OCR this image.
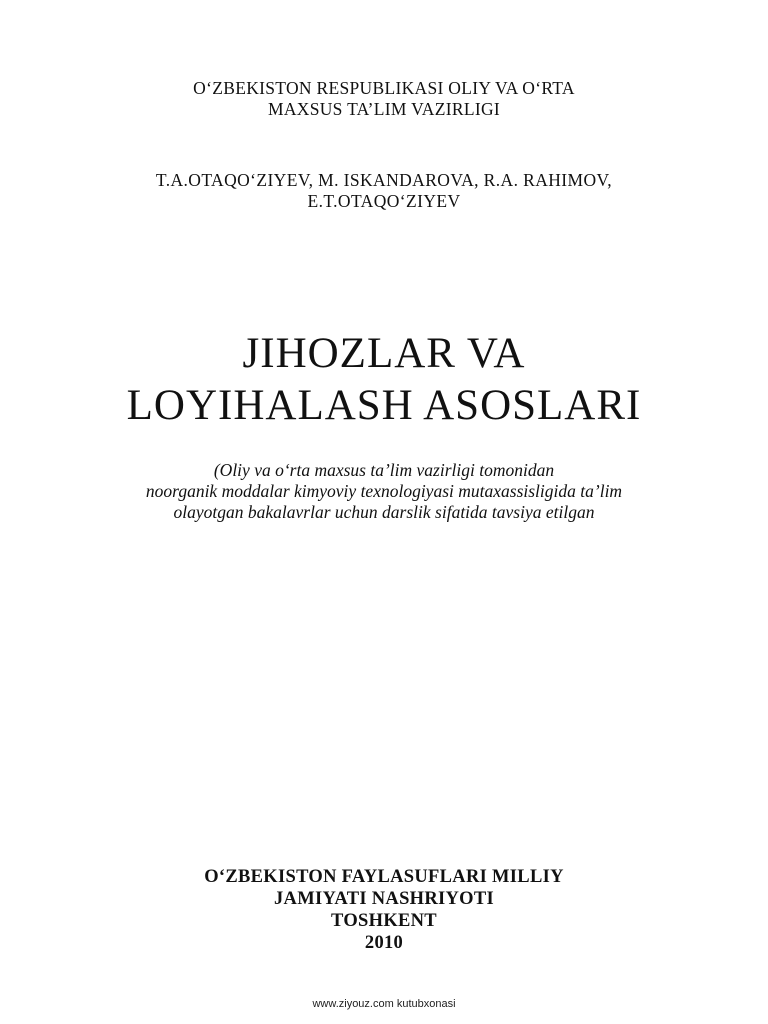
O‘ZBEKISTON RESPUBLIKASI OLIY VA O‘RTA
MAXSUS TA’LIM VAZIRLIGI
T.A.OTAQO‘ZIYEV, M. ISKANDAROVA, R.A. RAHIMOV,
E.T.OTAQO‘ZIYEV
JIHOZLAR VA
LOYIHALASH ASOSLARI
(Oliy va o‘rta maxsus ta’lim vazirligi tomonidan
noorganik moddalar kimyoviy texnologiyasi mutaxassisligida ta’lim
olayotgan bakalavrlar uchun darslik sifatida tavsiya etilgan
O‘ZBEKISTON FAYLASUFLARI MILLIY
JAMIYATI NASHRIYOTI
TOSHKENT
2010
www.ziyouz.com kutubxonasi
